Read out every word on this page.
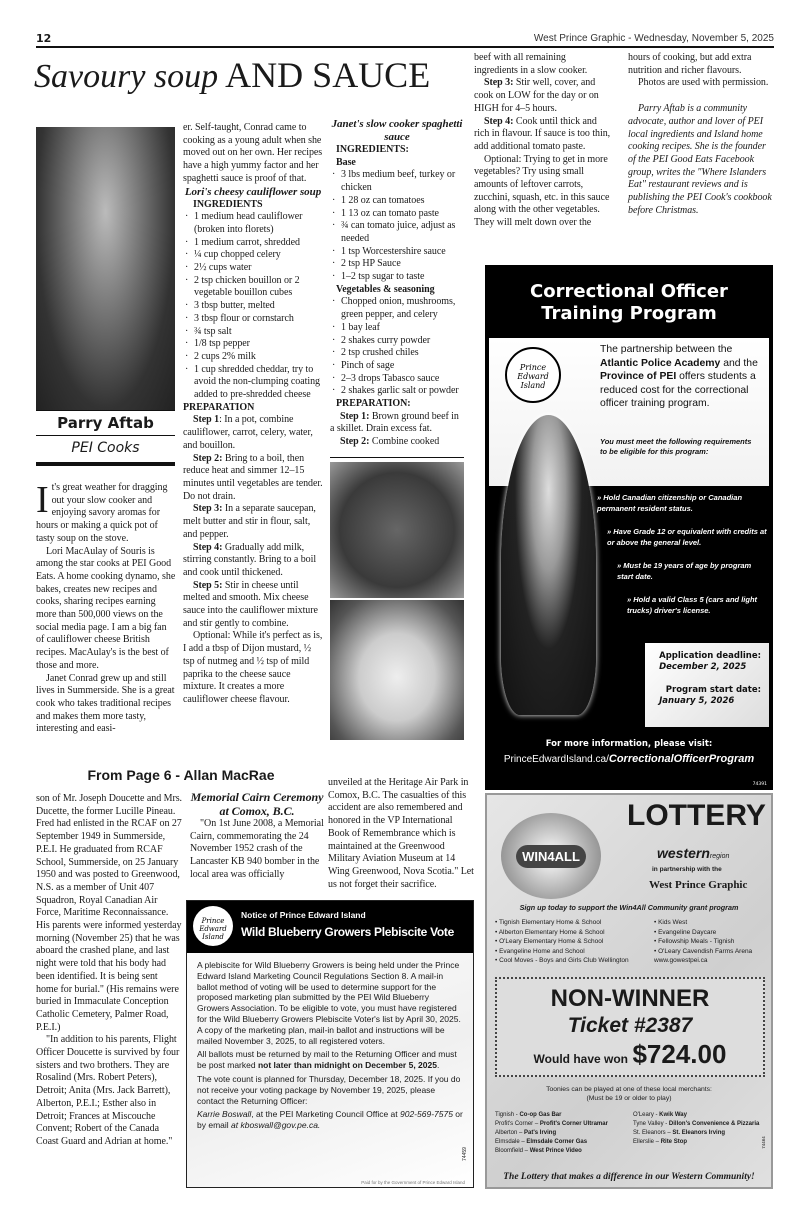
12	West Prince Graphic - Wednesday, November 5, 2025
Savoury soup AND SAUCE
Parry Aftab
PEI Cooks

It's great weather for dragging out your slow cooker and enjoying savory aromas for hours or making a quick pot of tasty soup on the stove.

Lori MacAulay of Souris is among the star cooks at PEI Good Eats. A home cooking dynamo, she bakes, creates new recipes and cooks, sharing recipes earning more than 500,000 views on the social media page. I am a big fan of cauliflower cheese British recipes. MacAulay's is the best of those and more.

Janet Conrad grew up and still lives in Summerside. She is a great cook who takes traditional recipes and makes them more tasty, interesting and easi-

er. Self-taught, Conrad came to cooking as a young adult when she moved out on her own. Her recipes have a high yummy factor and her spaghetti sauce is proof of that.

Lori's cheesy cauliflower soup
INGREDIENTS
· 1 medium head cauliflower (broken into florets)
· 1 medium carrot, shredded
· ¼ cup chopped celery
· 2½ cups water
· 2 tsp chicken bouillon or 2 vegetable bouillon cubes
· 3 tbsp butter, melted
· 3 tbsp flour or cornstarch
· ¾ tsp salt
· 1/8 tsp pepper
· 2 cups 2% milk
· 1 cup shredded cheddar, try to avoid the non-clumping coating added to pre-shredded cheese
PREPARATION

Step 1: In a pot, combine cauliflower, carrot, celery, water, and bouillon.

Step 2: Bring to a boil, then reduce heat and simmer 12–15 minutes until vegetables are tender. Do not drain.

Step 3: In a separate saucepan, melt butter and stir in flour, salt, and pepper.

Step 4: Gradually add milk, stirring constantly. Bring to a boil and cook until thickened.

Step 5: Stir in cheese until melted and smooth. Mix cheese sauce into the cauliflower mixture and stir gently to combine.

Optional: While it's perfect as is, I add a tbsp of Dijon mustard, ½ tsp of nutmeg and ½ tsp of mild paprika to the cheese sauce mixture. It creates a more cauliflower cheese flavour.

Janet's slow cooker spaghetti sauce
INGREDIENTS:
Base
· 3 lbs medium beef, turkey or chicken
· 1 28 oz can tomatoes
· 1 13 oz can tomato paste
· ¾ can tomato juice, adjust as needed
· 1 tsp Worcestershire sauce
· 2 tsp HP Sauce
· 1–2 tsp sugar to taste
Vegetables & seasoning
· Chopped onion, mushrooms, green pepper, and celery
· 1 bay leaf
· 2 shakes curry powder
· 2 tsp crushed chiles
· Pinch of sage
· 2–3 drops Tabasco sauce
· 2 shakes garlic salt or powder
PREPARATION:

Step 1: Brown ground beef in a skillet. Drain excess fat.

Step 2: Combine cooked

beef with all remaining ingredients in a slow cooker.

Step 3: Stir well, cover, and cook on LOW for the day or on HIGH for 4–5 hours.

Step 4: Cook until thick and rich in flavour. If sauce is too thin, add additional tomato paste.

Optional: Trying to get in more vegetables? Try using small amounts of leftover carrots, zucchini, squash, etc. in this sauce along with the other vegetables. They will melt down over the

hours of cooking, but add extra nutrition and richer flavours.

Photos are used with permission.

Parry Aftab is a community advocate, author and lover of PEI local ingredients and Island home cooking recipes. She is the founder of the PEI Good Eats Facebook group, writes the "Where Islanders Eat" restaurant reviews and is publishing the PEI Cook's cookbook before Christmas.

From Page 6 - Allan MacRae

son of Mr. Joseph Doucette and Mrs. Ducette, the former Lucille Pineau. Fred had enlisted in the RCAF on 27 September 1949 in Summerside, P.E.I. He graduated from RCAF School, Summerside, on 25 January 1950 and was posted to Greenwood, N.S. as a member of Unit 407 Squadron, Royal Canadian Air Force, Maritime Reconnaissance. His parents were informed yesterday morning (November 25) that he was aboard the crashed plane, and last night were told that his body had been identified. It is being sent home for burial." (His remains were buried in Immaculate Conception Catholic Cemetery, Palmer Road, P.E.I.)

"In addition to his parents, Flight Officer Doucette is survived by four sisters and two brothers. They are Rosalind (Mrs. Robert Peters), Detroit; Anita (Mrs. Jack Barrett), Alberton, P.E.I.; Esther also in Detroit; Frances at Miscouche Convent; Robert of the Canada Coast Guard and Adrian at home."

Memorial Cairn Ceremony at Comox, B.C.

"On 1st June 2008, a Memorial Cairn, commemorating the 24 November 1952 crash of the Lancaster KB 940 bomber in the local area was officially

unveiled at the Heritage Air Park in Comox, B.C. The casualties of this accident are also remembered and honored in the VP International Book of Remembrance which is maintained at the Greenwood Military Aviation Museum at 14 Wing Greenwood, Nova Scotia." Let us not forget their sacrifice.

Prince Edward Island
Notice of Prince Edward Island
Wild Blueberry Growers Plebiscite Vote

A plebiscite for Wild Blueberry Growers is being held under the Prince Edward Island Marketing Council Regulations Section 8. A mail-in ballot method of voting will be used to determine support for the proposed marketing plan submitted by the PEI Wild Blueberry Growers Association. To be eligible to vote, you must have registered for the Wild Blueberry Growers Plebiscite Voter's list by April 30, 2025. A copy of the marketing plan, mail-in ballot and instructions will be mailed November 3, 2025, to all registered voters.

All ballots must be returned by mail to the Returning Officer and must be post marked not later than midnight on December 5, 2025.

The vote count is planned for Thursday, December 18, 2025. If you do not receive your voting package by November 19, 2025, please contact the Returning Officer:

Karrie Boswall, at the PEI Marketing Council Office at 902-569-7575 or by email at kboswall@gov.pe.ca.

74459
Paid for by the Government of Prince Edward Island
Correctional Officer Training Program
Prince Edward Island
The partnership between the Atlantic Police Academy and the Province of PEI offers students a reduced cost for the correctional officer training program.
You must meet the following requirements to be eligible for this program:
» Hold Canadian citizenship or Canadian permanent resident status.
» Have Grade 12 or equivalent with credits at or above the general level.
» Must be 19 years of age by program start date.
» Hold a valid Class 5 (cars and light trucks) driver's license.
Application deadline:
December 2, 2025
Program start date:
January 5, 2026
For more information, please visit:
PrinceEdwardIsland.ca/CorrectionalOfficerProgram
74391
WIN4ALL
LOTTERY
westernregion
in partnership with the
West Prince Graphic
Sign up today to support the Win4All Community grant program
• Tignish Elementary Home & School
• Alberton Elementary Home & School
• O'Leary Elementary Home & School
• Evangeline Home and School
• Cool Moves - Boys and Girls Club Wellington
• Kids West
• Evangeline Daycare
• Fellowship Meals - Tignish
• O'Leary Cavendish Farms Arena
www.gowestpei.ca
NON-WINNER
Ticket #2387
Would have won $724.00
Toonies can be played at one of these local merchants:
(Must be 19 or older to play)
Tignish - Co-op Gas Bar
Profit's Corner – Profit's Corner Ultramar
Alberton – Pat's Irving
Elmsdale – Elmsdale Corner Gas
Bloomfield – West Prince Video
O'Leary - Kwik Way
Tyne Valley - Dillon's Convenience & Pizzaria
St. Eleanors – St. Eleanors Irving
Ellerslie – Rite Stop
The Lottery that makes a difference in our Western Community!
74464
